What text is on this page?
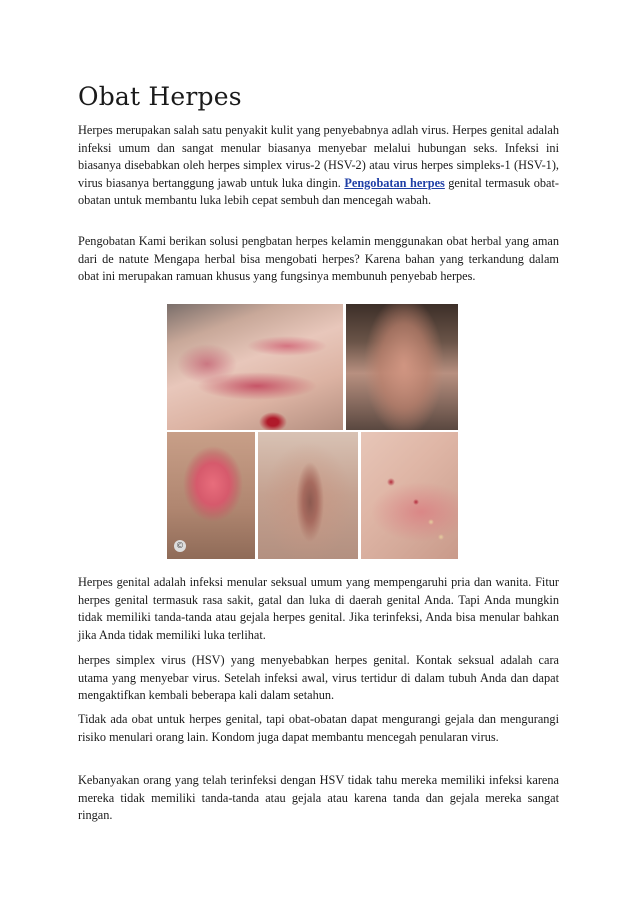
Obat Herpes

Herpes merupakan salah satu penyakit kulit yang penyebabnya adlah virus. Herpes genital adalah infeksi umum dan sangat menular biasanya menyebar melalui hubungan seks. Infeksi ini biasanya disebabkan oleh herpes simplex virus-2 (HSV-2) atau virus herpes simpleks-1 (HSV-1), virus biasanya bertanggung jawab untuk luka dingin. Pengobatan herpes genital termasuk obat-obatan untuk membantu luka lebih cepat sembuh dan mencegah wabah.

Pengobatan Kami berikan solusi pengbatan herpes kelamin menggunakan obat herbal yang aman dari de natute Mengapa herbal bisa mengobati herpes? Karena bahan yang terkandung dalam obat ini merupakan ramuan khusus yang fungsinya membunuh penyebab herpes.

©

Herpes genital adalah infeksi menular seksual umum yang mempengaruhi pria dan wanita. Fitur herpes genital termasuk rasa sakit, gatal dan luka di daerah genital Anda. Tapi Anda mungkin tidak memiliki tanda-tanda atau gejala herpes genital. Jika terinfeksi, Anda bisa menular bahkan jika Anda tidak memiliki luka terlihat.

herpes simplex virus (HSV) yang menyebabkan herpes genital. Kontak seksual adalah cara utama yang menyebar virus. Setelah infeksi awal, virus tertidur di dalam tubuh Anda dan dapat mengaktifkan kembali beberapa kali dalam setahun.

Tidak ada obat untuk herpes genital, tapi obat-obatan dapat mengurangi gejala dan mengurangi risiko menulari orang lain. Kondom juga dapat membantu mencegah penularan virus.

Kebanyakan orang yang telah terinfeksi dengan HSV tidak tahu mereka memiliki infeksi karena mereka tidak memiliki tanda-tanda atau gejala atau karena tanda dan gejala mereka sangat ringan.
